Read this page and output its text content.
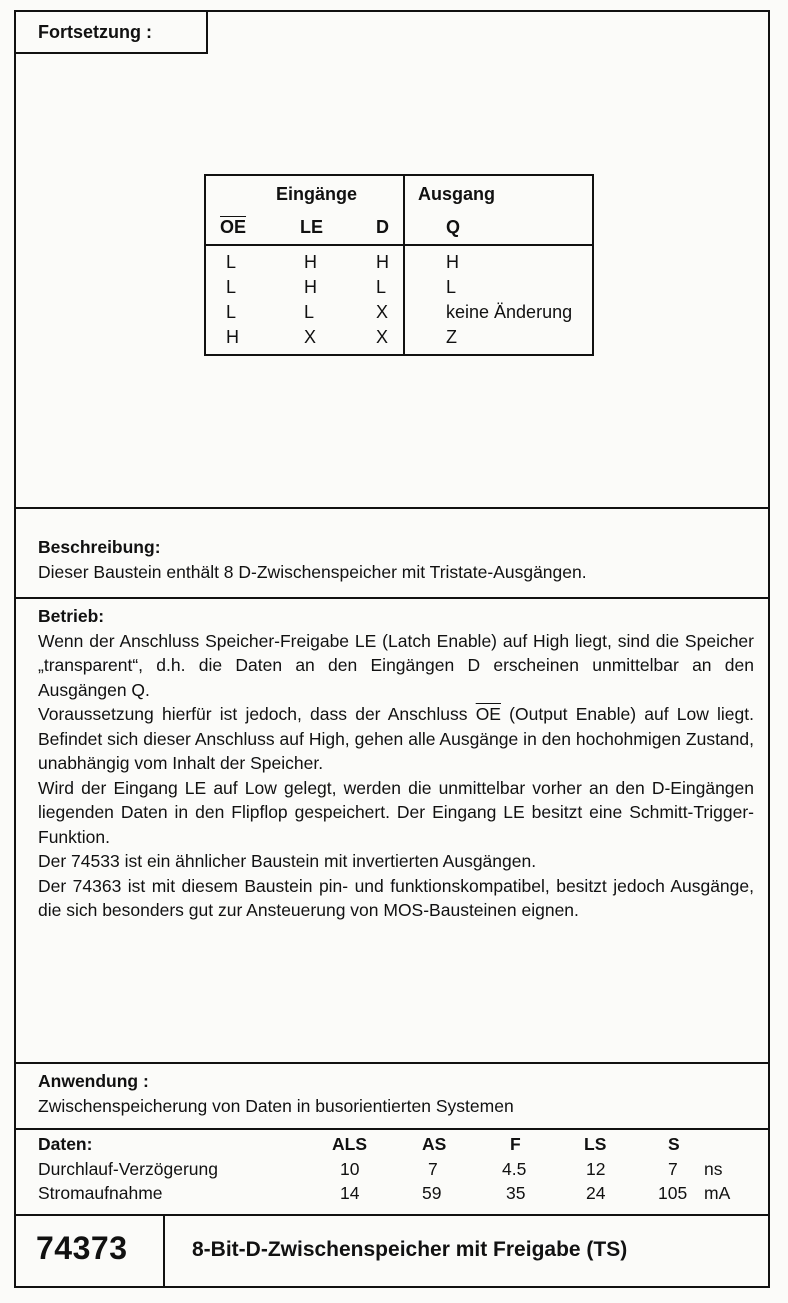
Fortsetzung :
Eingänge	Ausgang
$\overline{OE}$	LE	D	Q
L	H	H	H
L	H	L	L
L	L	X	keine Änderung
H	X	X	Z
Beschreibung:
Dieser Baustein enthält 8 D-Zwischenspeicher mit Tristate-Ausgängen.
Betrieb:

Wenn der Anschluss Speicher-Freigabe LE (Latch Enable) auf High liegt, sind die Speicher „transparent“, d.h. die Daten an den Eingängen D erscheinen unmittelbar an den Ausgängen Q.

Voraussetzung hierfür ist jedoch, dass der Anschluss $\overline{OE}$ (Output Enable) auf Low liegt. Befindet sich dieser Anschluss auf High, gehen alle Ausgänge in den hochohmigen Zustand, unabhängig vom Inhalt der Speicher.

Wird der Eingang LE auf Low gelegt, werden die unmittelbar vorher an den D-Eingängen liegenden Daten in den Flipflop gespeichert. Der Eingang LE besitzt eine Schmitt-Trigger-Funktion.

Der 74533 ist ein ähnlicher Baustein mit invertierten Ausgängen.

Der 74363 ist mit diesem Baustein pin- und funktionskompatibel, besitzt jedoch Ausgänge, die sich besonders gut zur Ansteuerung von MOS-Bausteinen eignen.

Anwendung :
Zwischenspeicherung von Daten in busorientierten Systemen
Daten:	ALS	AS	F	LS	S
Durchlauf-Verzögerung	10	7	4.5	12	7 ns
Stromaufnahme	14	59	35	24	105 mA
74373	8-Bit-D-Zwischenspeicher mit Freigabe (TS)
